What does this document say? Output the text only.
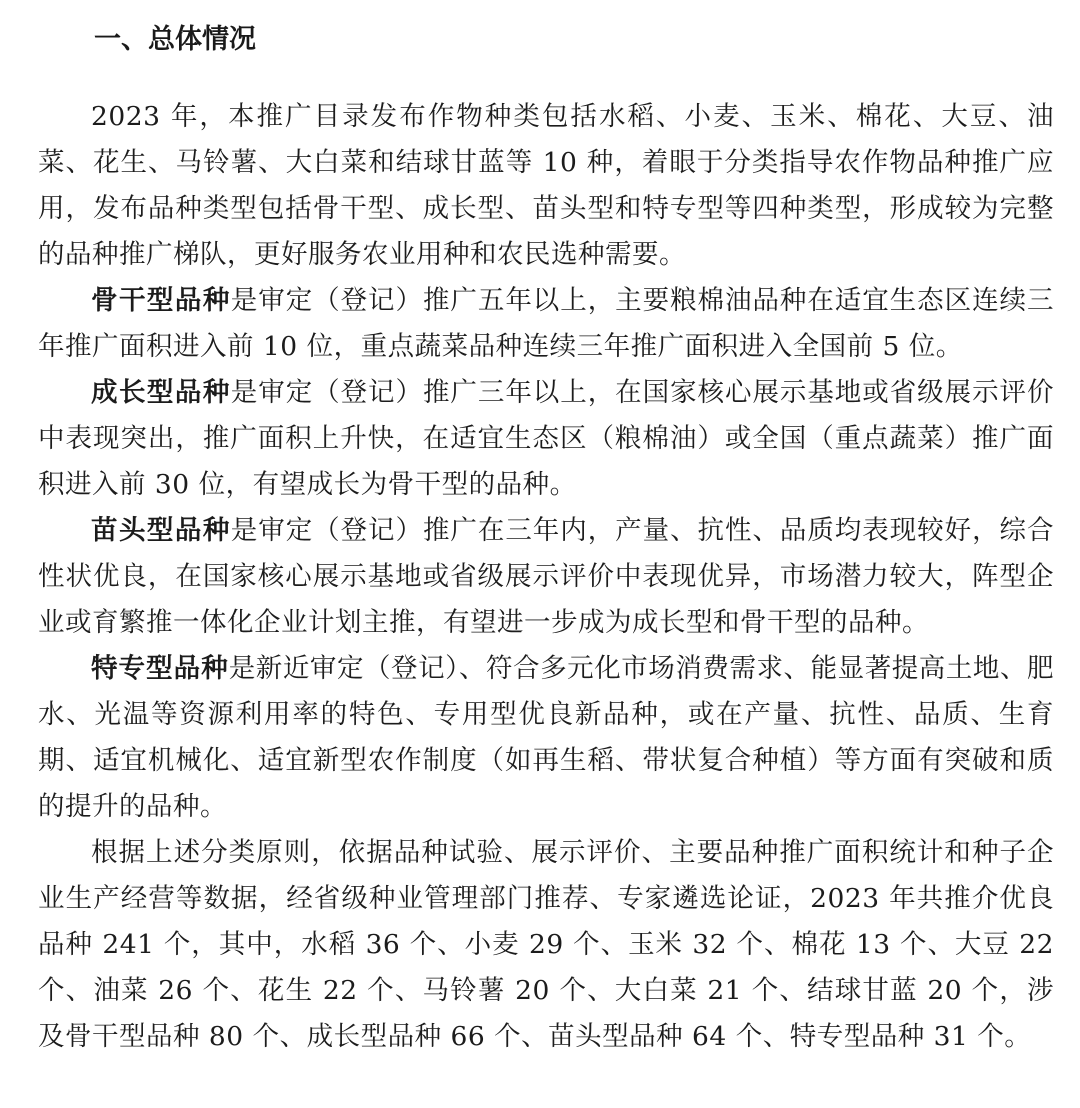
一、总体情况

2023 年，本推广目录发布作物种类包括水稻、小麦、玉米、棉花、大豆、油菜、花生、马铃薯、大白菜和结球甘蓝等 10 种，着眼于分类指导农作物品种推广应用，发布品种类型包括骨干型、成长型、苗头型和特专型等四种类型，形成较为完整的品种推广梯队，更好服务农业用种和农民选种需要。

骨干型品种是审定（登记）推广五年以上，主要粮棉油品种在适宜生态区连续三年推广面积进入前 10 位，重点蔬菜品种连续三年推广面积进入全国前 5 位。

成长型品种是审定（登记）推广三年以上，在国家核心展示基地或省级展示评价中表现突出，推广面积上升快，在适宜生态区（粮棉油）或全国（重点蔬菜）推广面积进入前 30 位，有望成长为骨干型的品种。

苗头型品种是审定（登记）推广在三年内，产量、抗性、品质均表现较好，综合性状优良，在国家核心展示基地或省级展示评价中表现优异，市场潜力较大，阵型企业或育繁推一体化企业计划主推，有望进一步成为成长型和骨干型的品种。

特专型品种是新近审定（登记）、符合多元化市场消费需求、能显著提高土地、肥水、光温等资源利用率的特色、专用型优良新品种，或在产量、抗性、品质、生育期、适宜机械化、适宜新型农作制度（如再生稻、带状复合种植）等方面有突破和质的提升的品种。

根据上述分类原则，依据品种试验、展示评价、主要品种推广面积统计和种子企业生产经营等数据，经省级种业管理部门推荐、专家遴选论证，2023 年共推介优良品种 241 个，其中，水稻 36 个、小麦 29 个、玉米 32 个、棉花 13 个、大豆 22 个、油菜 26 个、花生 22 个、马铃薯 20 个、大白菜 21 个、结球甘蓝 20 个，涉及骨干型品种 80 个、成长型品种 66 个、苗头型品种 64 个、特专型品种 31 个。
